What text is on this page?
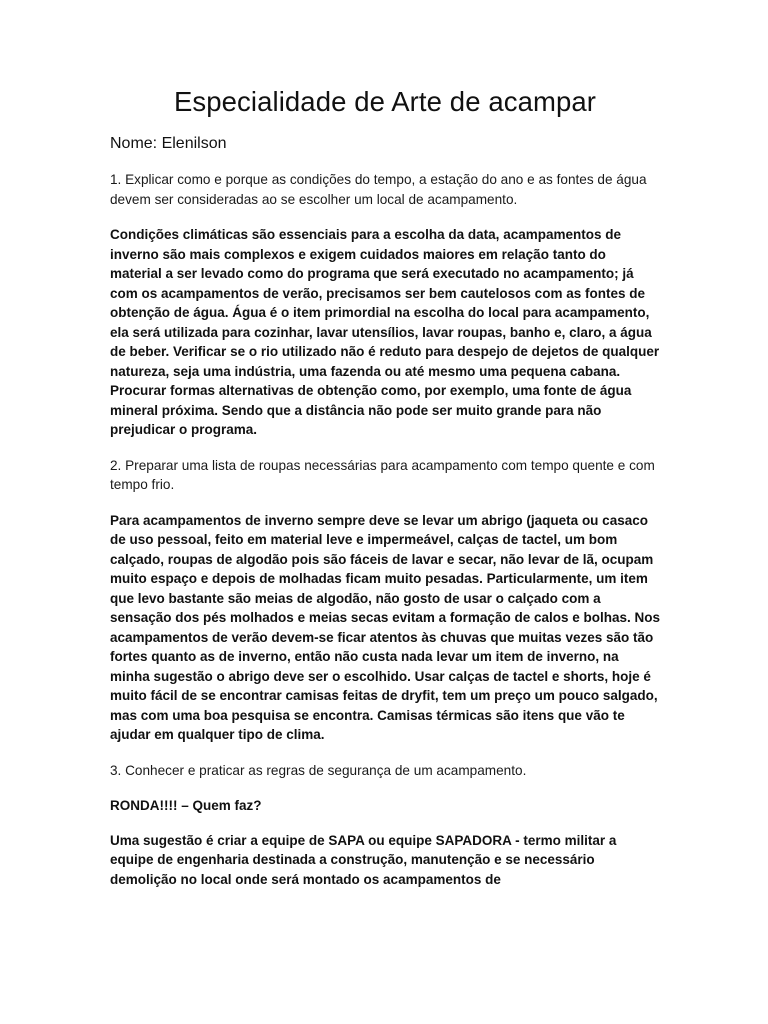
Especialidade de Arte de acampar

Nome: Elenilson

1. Explicar como e porque as condições do tempo, a estação do ano e as fontes de água devem ser consideradas ao se escolher um local de acampamento.

Condições climáticas são essenciais para a escolha da data, acampamentos de inverno são mais complexos e exigem cuidados maiores em relação tanto do material a ser levado como do programa que será executado no acampamento; já com os acampamentos de verão, precisamos ser bem cautelosos com as fontes de obtenção de água. Água é o item primordial na escolha do local para acampamento, ela será utilizada para cozinhar, lavar utensílios, lavar roupas, banho e, claro, a água de beber. Verificar se o rio utilizado não é reduto para despejo de dejetos de qualquer natureza, seja uma indústria, uma fazenda ou até mesmo uma pequena cabana. Procurar formas alternativas de obtenção como, por exemplo, uma fonte de água mineral próxima. Sendo que a distância não pode ser muito grande para não prejudicar o programa.

2. Preparar uma lista de roupas necessárias para acampamento com tempo quente e com tempo frio.

Para acampamentos de inverno sempre deve se levar um abrigo (jaqueta ou casaco de uso pessoal, feito em material leve e impermeável, calças de tactel, um bom calçado, roupas de algodão pois são fáceis de lavar e secar, não levar de lã, ocupam muito espaço e depois de molhadas ficam muito pesadas. Particularmente, um item que levo bastante são meias de algodão, não gosto de usar o calçado com a sensação dos pés molhados e meias secas evitam a formação de calos e bolhas. Nos acampamentos de verão devem-se ficar atentos às chuvas que muitas vezes são tão fortes quanto as de inverno, então não custa nada levar um item de inverno, na minha sugestão o abrigo deve ser o escolhido. Usar calças de tactel e shorts, hoje é muito fácil de se encontrar camisas feitas de dryfit, tem um preço um pouco salgado, mas com uma boa pesquisa se encontra. Camisas térmicas são itens que vão te ajudar em qualquer tipo de clima.

3. Conhecer e praticar as regras de segurança de um acampamento.

RONDA!!!! – Quem faz?

Uma sugestão é criar a equipe de SAPA ou equipe SAPADORA - termo militar a equipe de engenharia destinada a construção, manutenção e se necessário demolição no local onde será montado os acampamentos de
